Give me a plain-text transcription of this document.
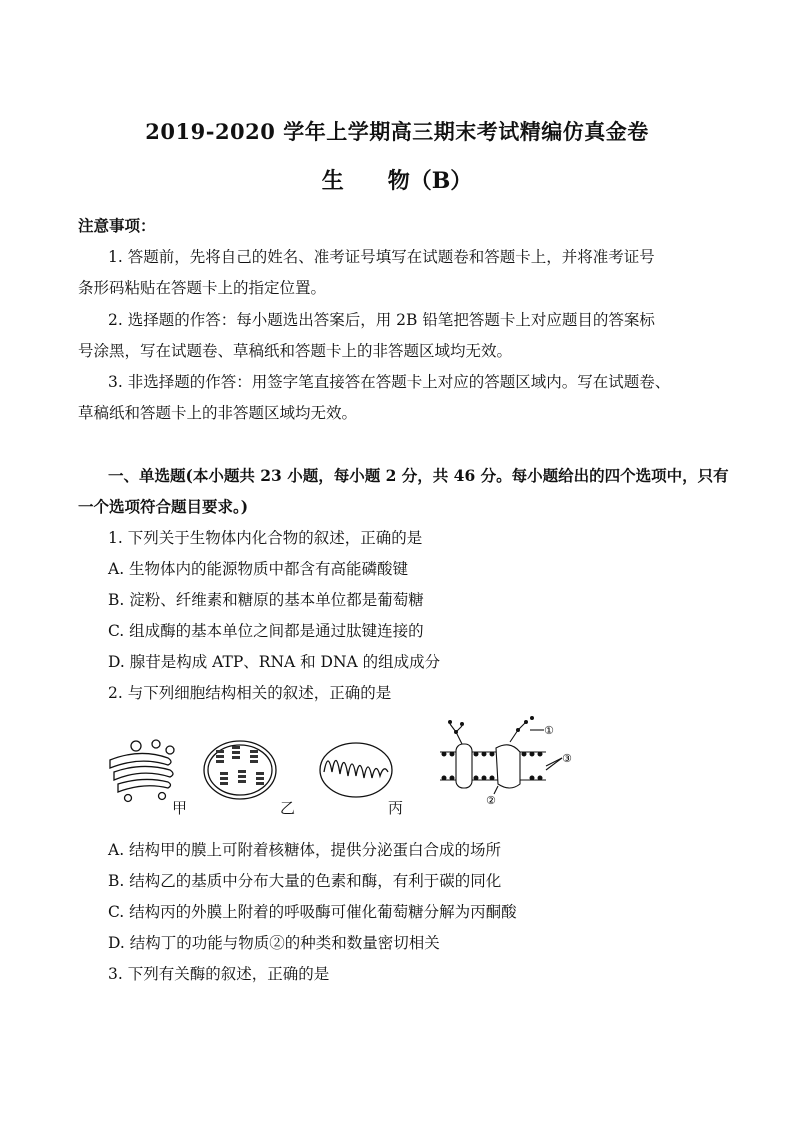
2019-2020 学年上学期高三期末考试精编仿真金卷
生 物（B）
注意事项：
1. 答题前，先将自己的姓名、准考证号填写在试题卷和答题卡上，并将准考证号
条形码粘贴在答题卡上的指定位置。
2. 选择题的作答：每小题选出答案后，用 2B 铅笔把答题卡上对应题目的答案标
号涂黑，写在试题卷、草稿纸和答题卡上的非答题区域均无效。
3. 非选择题的作答：用签字笔直接答在答题卡上对应的答题区域内。写在试题卷、
草稿纸和答题卡上的非答题区域均无效。
一、单选题(本小题共 23 小题，每小题 2 分，共 46 分。每小题给出的四个选项中，只有
一个选项符合题目要求。)
1. 下列关于生物体内化合物的叙述，正确的是
A. 生物体内的能源物质中都含有高能磷酸键
B. 淀粉、纤维素和糖原的基本单位都是葡萄糖
C. 组成酶的基本单位之间都是通过肽键连接的
D. 腺苷是构成 ATP、RNA 和 DNA 的组成成分
2. 与下列细胞结构相关的叙述，正确的是
①
②
③
甲	乙	丙
A. 结构甲的膜上可附着核糖体，提供分泌蛋白合成的场所
B. 结构乙的基质中分布大量的色素和酶，有利于碳的同化
C. 结构丙的外膜上附着的呼吸酶可催化葡萄糖分解为丙酮酸
D. 结构丁的功能与物质②的种类和数量密切相关
3. 下列有关酶的叙述，正确的是
